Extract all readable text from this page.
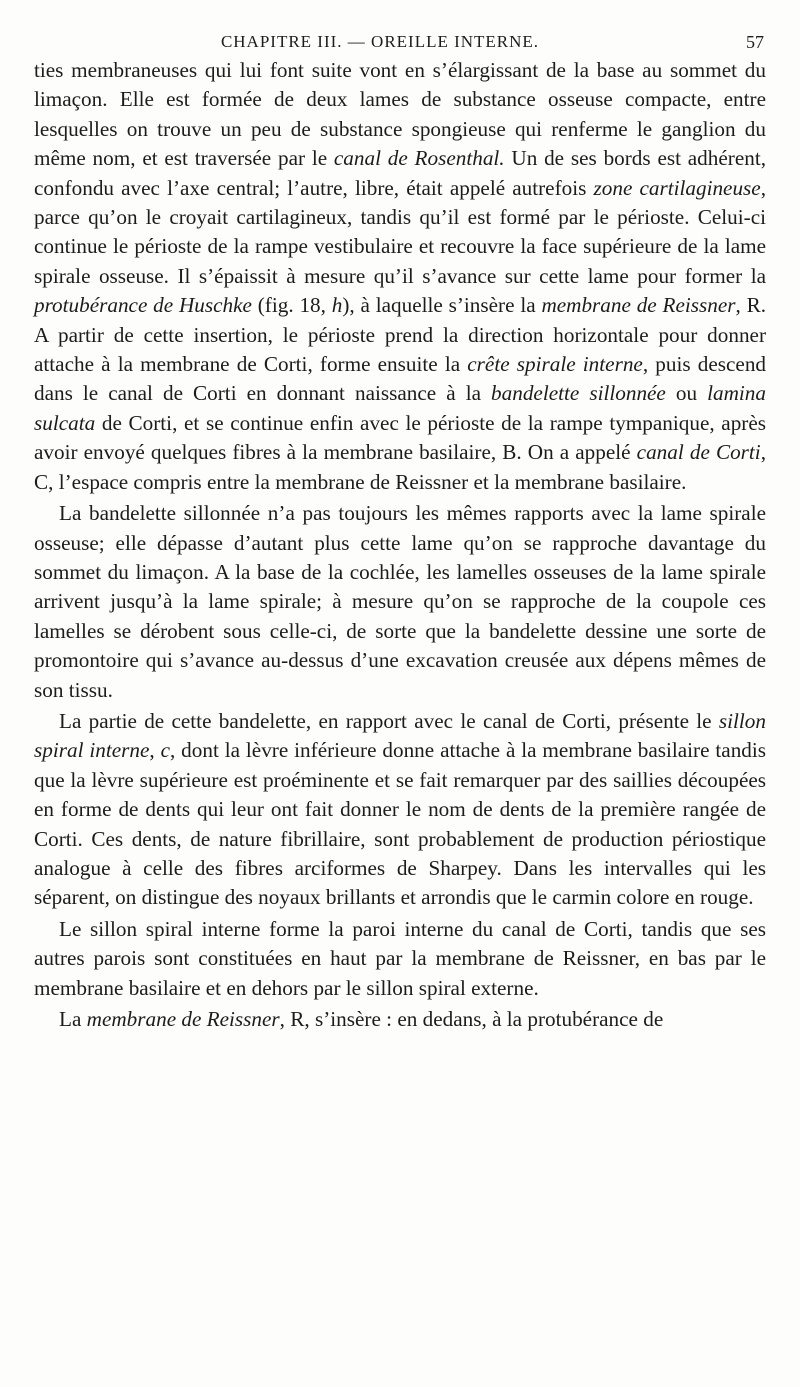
CHAPITRE III. — OREILLE INTERNE.	57

ties membraneuses qui lui font suite vont en s’élargissant de la base au sommet du limaçon. Elle est formée de deux lames de substance osseuse compacte, entre lesquelles on trouve un peu de substance spongieuse qui renferme le ganglion du même nom, et est traversée par le canal de Rosenthal. Un de ses bords est adhérent, confondu avec l’axe central; l’autre, libre, était appelé autrefois zone cartilagineuse, parce qu’on le croyait cartilagineux, tandis qu’il est formé par le périoste. Celui-ci continue le périoste de la rampe vestibulaire et recouvre la face supérieure de la lame spirale osseuse. Il s’épaissit à mesure qu’il s’avance sur cette lame pour former la protubérance de Huschke (fig. 18, h), à laquelle s’insère la membrane de Reissner, R. A partir de cette insertion, le périoste prend la direction horizontale pour donner attache à la membrane de Corti, forme ensuite la crête spirale interne, puis descend dans le canal de Corti en donnant naissance à la bandelette sillonnée ou lamina sulcata de Corti, et se continue enfin avec le périoste de la rampe tympanique, après avoir envoyé quelques fibres à la membrane basilaire, B. On a appelé canal de Corti, C, l’espace compris entre la membrane de Reissner et la membrane basilaire.

La bandelette sillonnée n’a pas toujours les mêmes rapports avec la lame spirale osseuse; elle dépasse d’autant plus cette lame qu’on se rapproche davantage du sommet du limaçon. A la base de la cochlée, les lamelles osseuses de la lame spirale arrivent jusqu’à la lame spirale; à mesure qu’on se rapproche de la coupole ces lamelles se dérobent sous celle-ci, de sorte que la bandelette dessine une sorte de promontoire qui s’avance au-dessus d’une excavation creusée aux dépens mêmes de son tissu.

La partie de cette bandelette, en rapport avec le canal de Corti, présente le sillon spiral interne, c, dont la lèvre inférieure donne attache à la membrane basilaire tandis que la lèvre supérieure est proéminente et se fait remarquer par des saillies découpées en forme de dents qui leur ont fait donner le nom de dents de la première rangée de Corti. Ces dents, de nature fibrillaire, sont probablement de production périostique analogue à celle des fibres arciformes de Sharpey. Dans les intervalles qui les séparent, on distingue des noyaux brillants et arrondis que le carmin colore en rouge.

Le sillon spiral interne forme la paroi interne du canal de Corti, tandis que ses autres parois sont constituées en haut par la membrane de Reissner, en bas par le membrane basilaire et en dehors par le sillon spiral externe.

La membrane de Reissner, R, s’insère : en dedans, à la protubérance de
